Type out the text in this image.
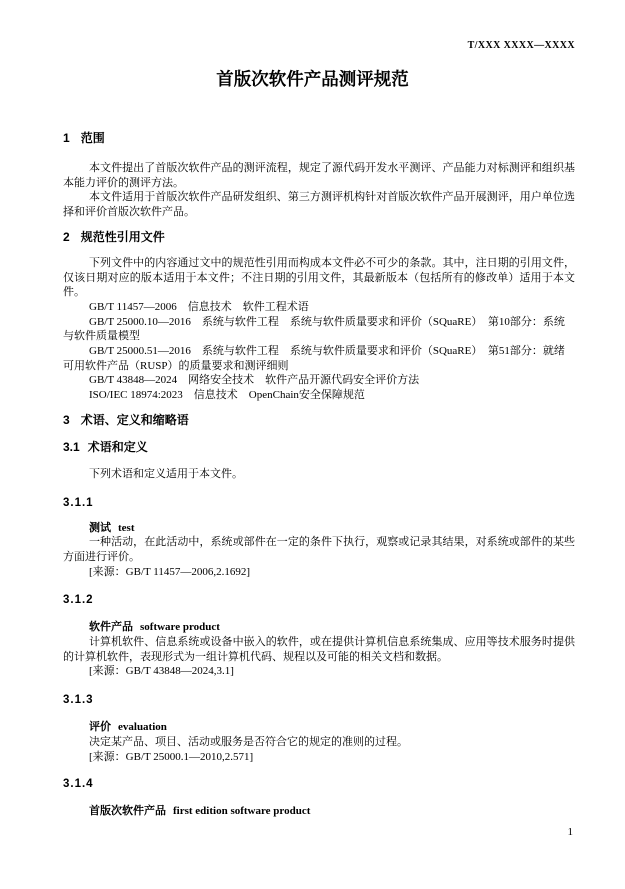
T/XXX XXXX—XXXX
首版次软件产品测评规范

1 范围

本文件提出了首版次软件产品的测评流程，规定了源代码开发水平测评、产品能力对标测评和组织基本能力评价的测评方法。

本文件适用于首版次软件产品研发组织、第三方测评机构针对首版次软件产品开展测评，用户单位选择和评价首版次软件产品。

2 规范性引用文件

下列文件中的内容通过文中的规范性引用而构成本文件必不可少的条款。其中，注日期的引用文件，仅该日期对应的版本适用于本文件；不注日期的引用文件，其最新版本（包括所有的修改单）适用于本文件。

GB/T 11457—2006　信息技术　软件工程术语

GB/T 25000.10—2016　系统与软件工程　系统与软件质量要求和评价（SQuaRE）　第10部分：系统与软件质量模型

GB/T 25000.51—2016　系统与软件工程　系统与软件质量要求和评价（SQuaRE）　第51部分：就绪可用软件产品（RUSP）的质量要求和测评细则

GB/T 43848—2024　网络安全技术　软件产品开源代码安全评价方法

ISO/IEC 18974:2023　信息技术　OpenChain安全保障规范

3 术语、定义和缩略语

3.1 术语和定义

下列术语和定义适用于本文件。

3.1.1

测试 test

一种活动，在此活动中，系统或部件在一定的条件下执行，观察或记录其结果，对系统或部件的某些方面进行评价。

[来源：GB/T 11457—2006,2.1692]

3.1.2

软件产品 software product

计算机软件、信息系统或设备中嵌入的软件，或在提供计算机信息系统集成、应用等技术服务时提供的计算机软件，表现形式为一组计算机代码、规程以及可能的相关文档和数据。

[来源：GB/T 43848—2024,3.1]

3.1.3

评价 evaluation

决定某产品、项目、活动或服务是否符合它的规定的准则的过程。

[来源：GB/T 25000.1—2010,2.571]

3.1.4

首版次软件产品 first edition software product

1
